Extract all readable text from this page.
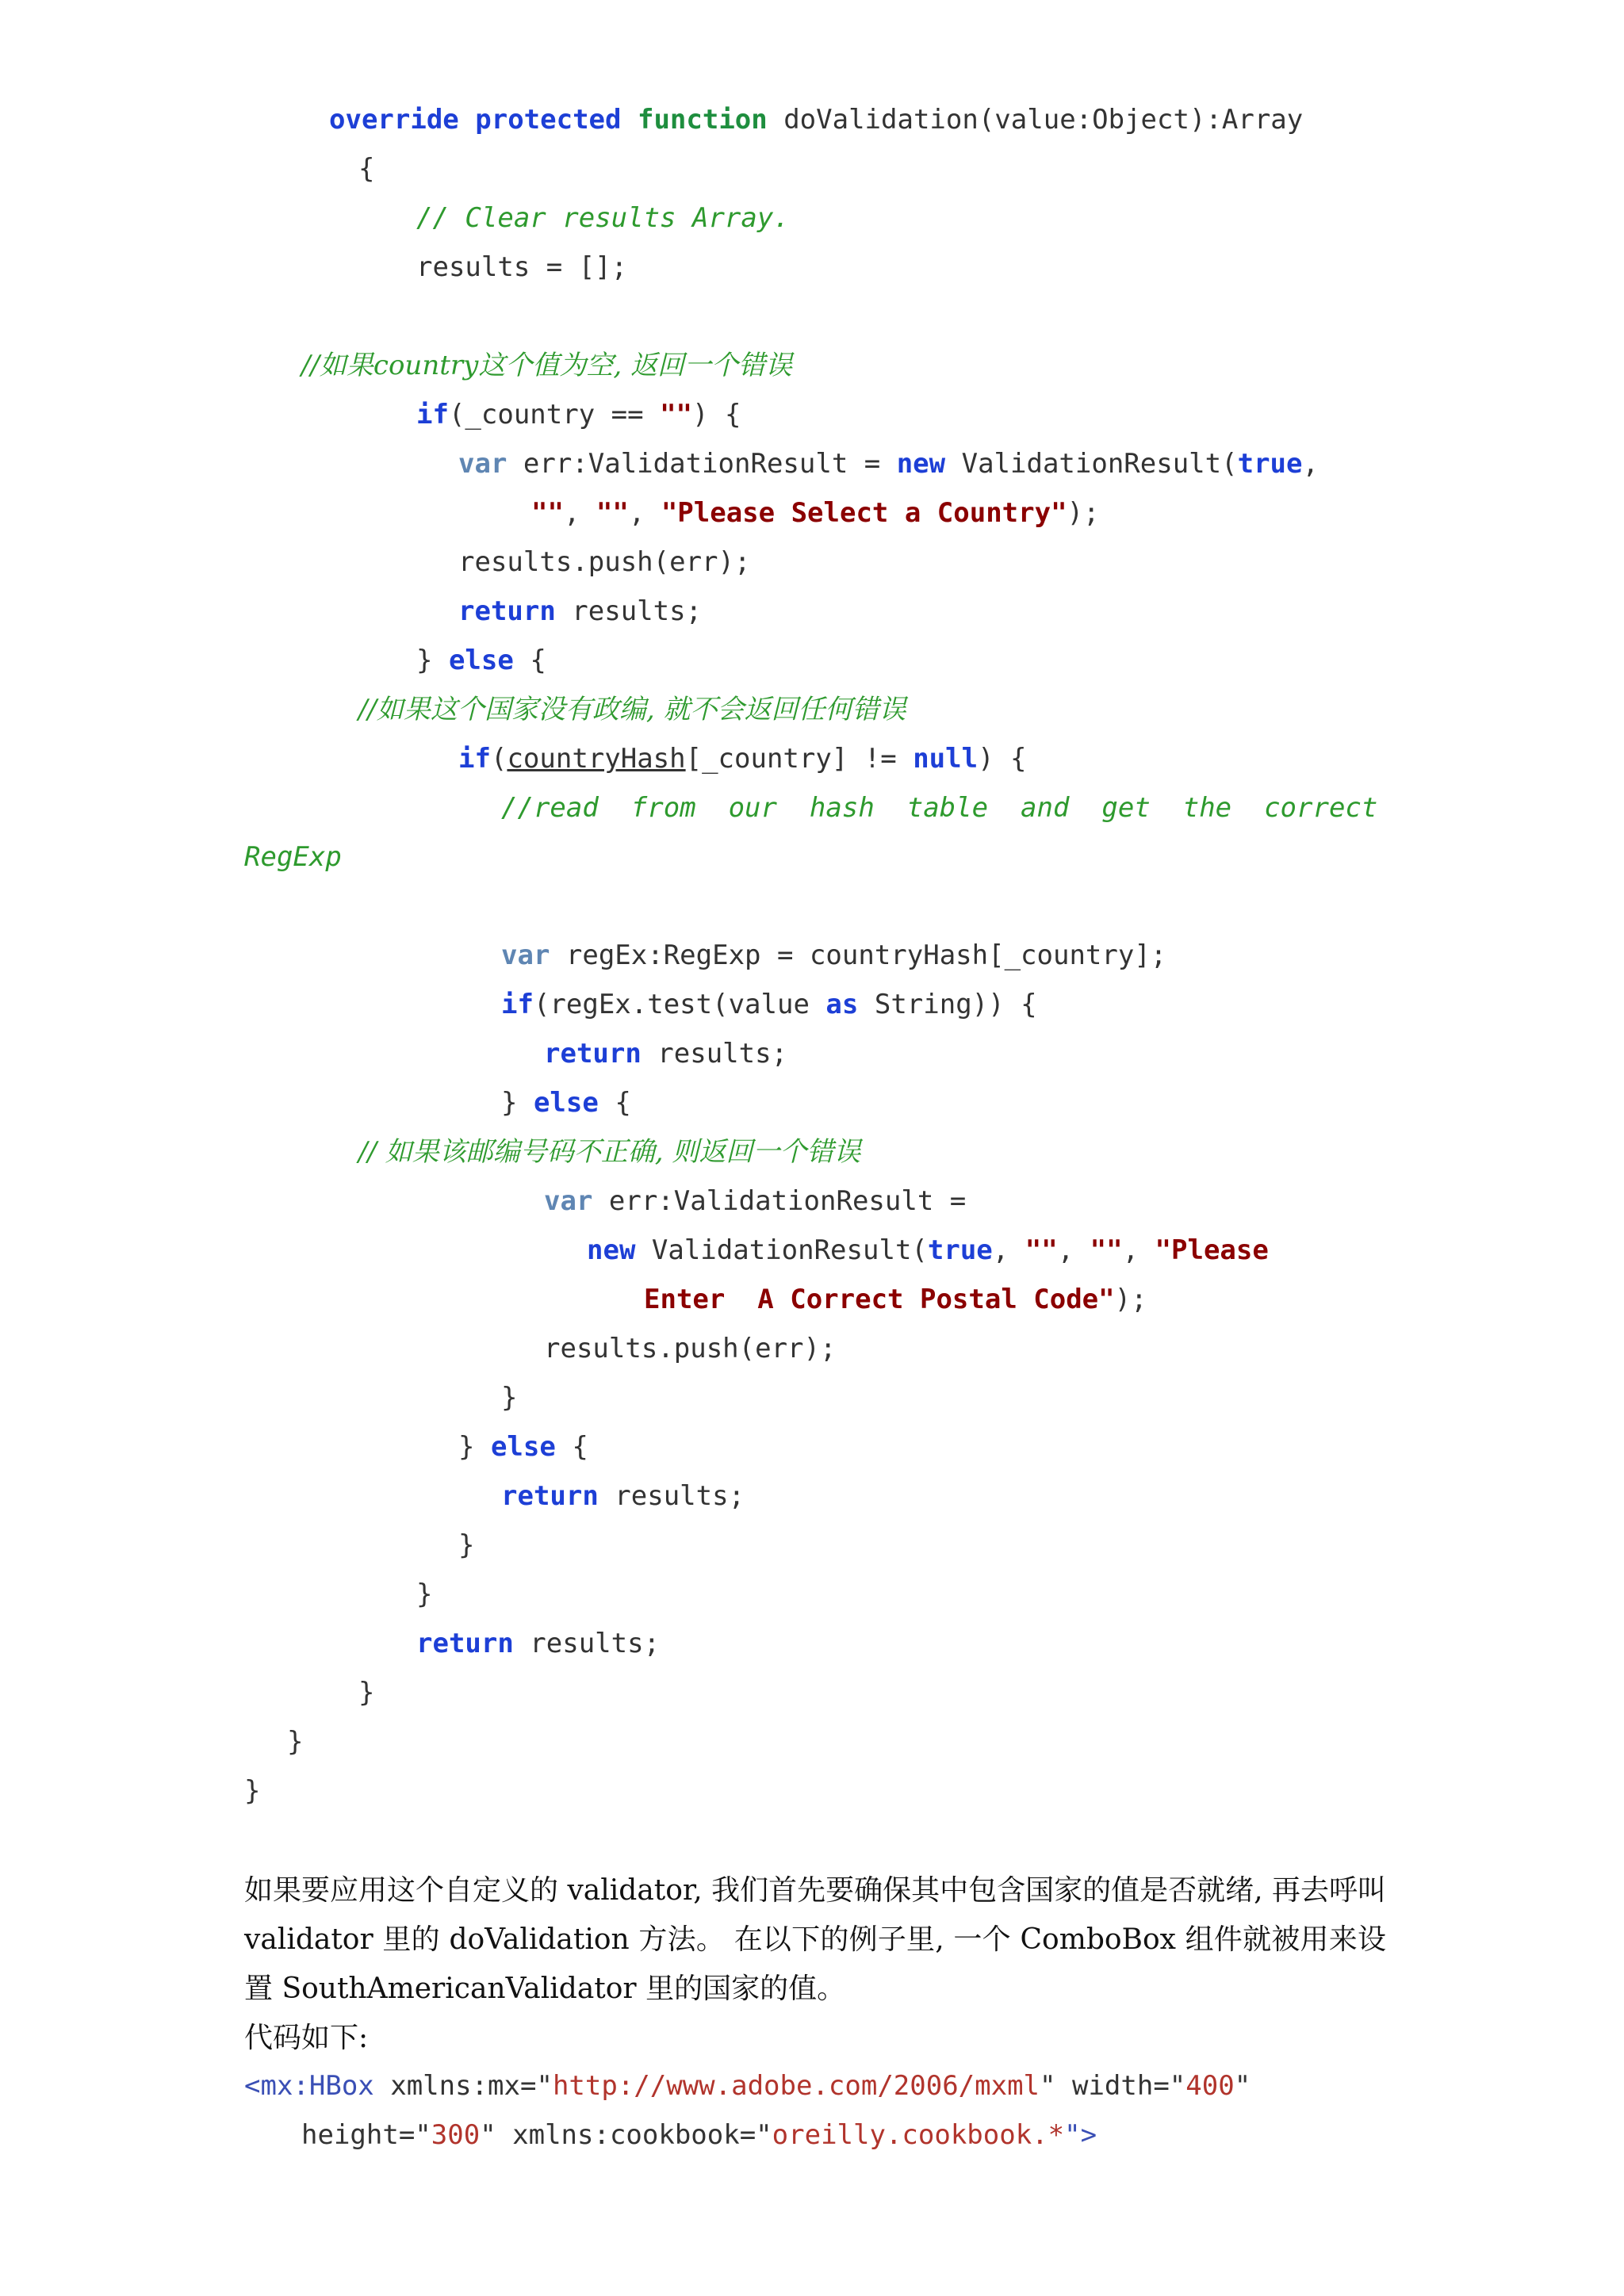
override protected function doValidation(value:Object):Array

{

// Clear results Array.

results = [];

//如果country这个值为空, 返回一个错误

if(_country == "") {

var err:ValidationResult = new ValidationResult(true,

"", "", "Please Select a Country");

results.push(err);

return results;

} else {

//如果这个国家没有政编, 就不会返回任何错误

if(countryHash[_country] != null) {

//read  from  our  hash  table  and  get  the  correct

RegExp

var regEx:RegExp = countryHash[_country];

if(regEx.test(value as String)) {

return results;

} else {

// 如果该邮编号码不正确, 则返回一个错误

var err:ValidationResult =

new ValidationResult(true, "", "", "Please

Enter  A Correct Postal Code");

results.push(err);

}

} else {

return results;

}

}

return results;

}

}

}

如果要应用这个自定义的 validator, 我们首先要确保其中包含国家的值是否就绪, 再去呼叫 validator 里的 doValidation 方法。 在以下的例子里, 一个 ComboBox 组件就被用来设置 SouthAmericanValidator 里的国家的值。
代码如下:

<mx:HBox xmlns:mx="http://www.adobe.com/2006/mxml" width="400"

height="300" xmlns:cookbook="oreilly.cookbook.*">
